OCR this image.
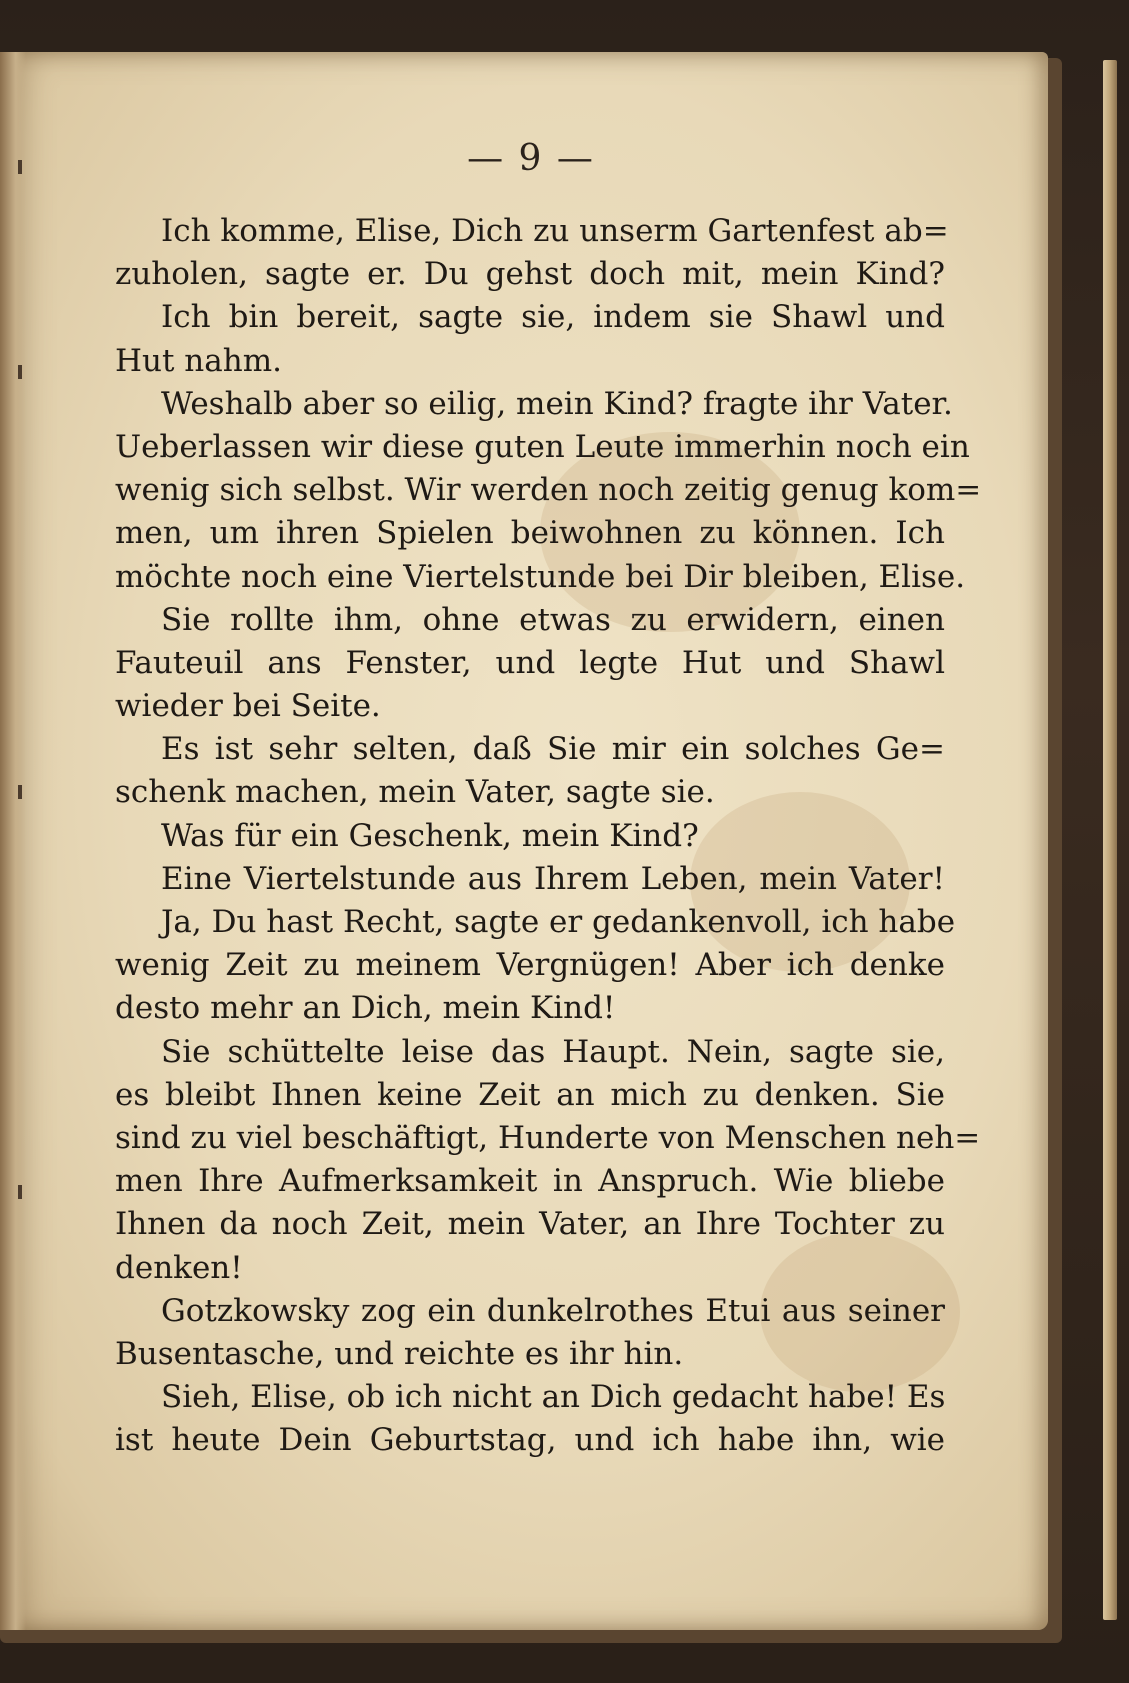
— 9 —
Ich komme, Elise, Dich zu unserm Gartenfest ab=
zuholen, sagte er. Du gehst doch mit, mein Kind?
Ich bin bereit, sagte sie, indem sie Shawl und
Hut nahm.
Weshalb aber so eilig, mein Kind? fragte ihr Vater.
Ueberlassen wir diese guten Leute immerhin noch ein
wenig sich selbst. Wir werden noch zeitig genug kom=
men, um ihren Spielen beiwohnen zu können. Ich
möchte noch eine Viertelstunde bei Dir bleiben, Elise.
Sie rollte ihm, ohne etwas zu erwidern, einen
Fauteuil ans Fenster, und legte Hut und Shawl
wieder bei Seite.
Es ist sehr selten, daß Sie mir ein solches Ge=
schenk machen, mein Vater, sagte sie.
Was für ein Geschenk, mein Kind?
Eine Viertelstunde aus Ihrem Leben, mein Vater!
Ja, Du hast Recht, sagte er gedankenvoll, ich habe
wenig Zeit zu meinem Vergnügen! Aber ich denke
desto mehr an Dich, mein Kind!
Sie schüttelte leise das Haupt. Nein, sagte sie,
es bleibt Ihnen keine Zeit an mich zu denken. Sie
sind zu viel beschäftigt, Hunderte von Menschen neh=
men Ihre Aufmerksamkeit in Anspruch. Wie bliebe
Ihnen da noch Zeit, mein Vater, an Ihre Tochter zu
denken!
Gotzkowsky zog ein dunkelrothes Etui aus seiner
Busentasche, und reichte es ihr hin.
Sieh, Elise, ob ich nicht an Dich gedacht habe! Es
ist heute Dein Geburtstag, und ich habe ihn, wie
